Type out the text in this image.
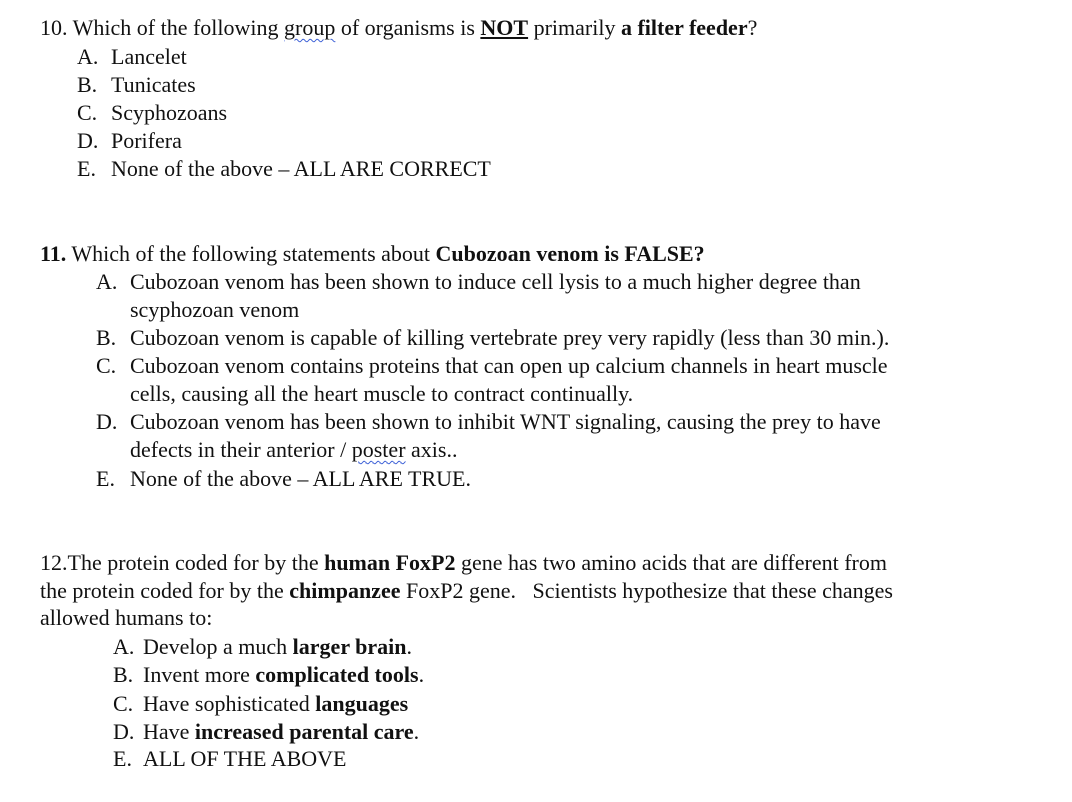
10. Which of the following group of organisms is NOT primarily a filter feeder?
A. Lancelet
B. Tunicates
C. Scyphozoans
D. Porifera
E. None of the above – ALL ARE CORRECT
11. Which of the following statements about Cubozoan venom is FALSE?
A. Cubozoan venom has been shown to induce cell lysis to a much higher degree than
scyphozoan venom
B. Cubozoan venom is capable of killing vertebrate prey very rapidly (less than 30 min.).
C. Cubozoan venom contains proteins that can open up calcium channels in heart muscle
cells, causing all the heart muscle to contract continually.
D. Cubozoan venom has been shown to inhibit WNT signaling, causing the prey to have
defects in their anterior / poster axis..
E. None of the above – ALL ARE TRUE.
12.The protein coded for by the human FoxP2 gene has two amino acids that are different from
the protein coded for by the chimpanzee FoxP2 gene.   Scientists hypothesize that these changes
allowed humans to:
A. Develop a much larger brain.
B. Invent more complicated tools.
C. Have sophisticated languages
D. Have increased parental care.
E. ALL OF THE ABOVE
